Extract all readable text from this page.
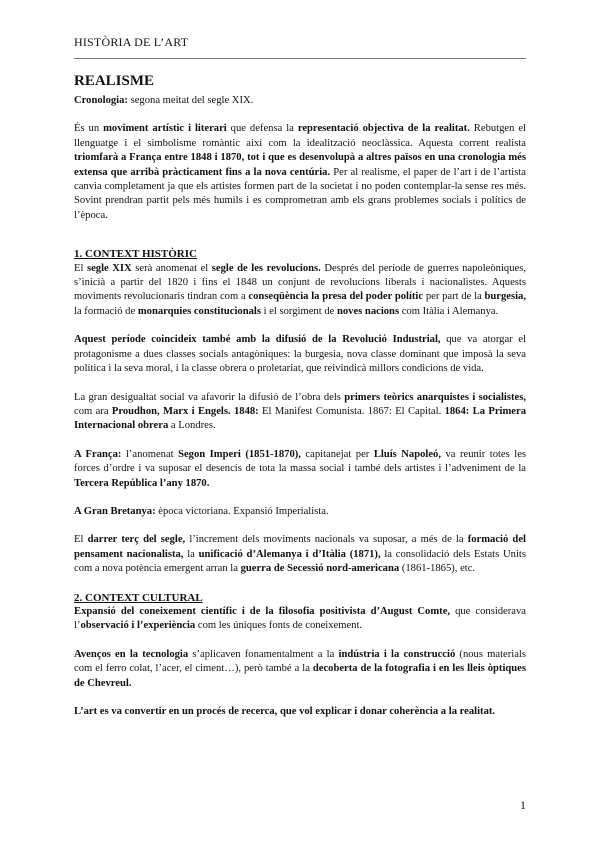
HISTÒRIA DE L’ART
REALISME

Cronologia: segona meitat del segle XIX.

És un moviment artístic i literari que defensa la representació objectiva de la realitat. Rebutgen el llenguatge i el simbolisme romàntic així com la idealització neoclàssica. Aquesta corrent realista triomfarà a França entre 1848 i 1870, tot i que es desenvolupà a altres països en una cronologia més extensa que arribà pràcticament fins a la nova centúria. Per al realisme, el paper de l’art i de l’artista canvia completament ja que els artistes formen part de la societat i no poden contemplar-la sense res més. Sovint prendran partit pels més humils i es comprometran amb els grans problemes socials i polítics de l’època.

1. CONTEXT HISTÒRIC

El segle XIX serà anomenat el segle de les revolucions. Després del període de guerres napoleòniques, s’inicià a partir del 1820 i fins el 1848 un conjunt de revolucions liberals i nacionalistes. Aquests moviments revolucionaris tindran com a conseqüència la presa del poder polític per part de la burgesia, la formació de monarquies constitucionals i el sorgiment de noves nacions com Itàlia i Alemanya.

Aquest període coincideix també amb la difusió de la Revolució Industrial, que va atorgar el protagonisme a dues classes socials antagòniques: la burgesia, nova classe dominant que imposà la seva política i la seva moral, i la classe obrera o proletariat, que reivindicà millors condicions de vida.

La gran desigualtat social va afavorir la difusió de l’obra dels primers teòrics anarquistes i socialistes, com ara Proudhon, Marx i Engels. 1848: El Manifest Comunista. 1867: El Capital. 1864: La Primera Internacional obrera a Londres.

A França: l’anomenat Segon Imperi (1851-1870), capitanejat per Lluís Napoleó, va reunir totes les forces d’ordre i va suposar el desencís de tota la massa social i també dels artistes i l’adveniment de la Tercera República l’any 1870.

A Gran Bretanya: època victoriana. Expansió Imperialista.

El darrer terç del segle, l’increment dels moviments nacionals va suposar, a més de la formació del pensament nacionalista, la unificació d’Alemanya i d’Itàlia (1871), la consolidació dels Estats Units com a nova potència emergent arran la guerra de Secessió nord-americana (1861-1865), etc.

2. CONTEXT CULTURAL

Expansió del coneixement científic i de la filosofia positivista d’August Comte, que considerava l’observació i l’experiència com les úniques fonts de coneixement.

Avenços en la tecnologia s’aplicaven fonamentalment a la indústria i la construcció (nous materials com el ferro colat, l’acer, el ciment…), però també a la decoberta de la fotografia i en les lleis òptiques de Chevreul.

L’art es va convertir en un procés de recerca, que vol explicar i donar coherència a la realitat.

1
